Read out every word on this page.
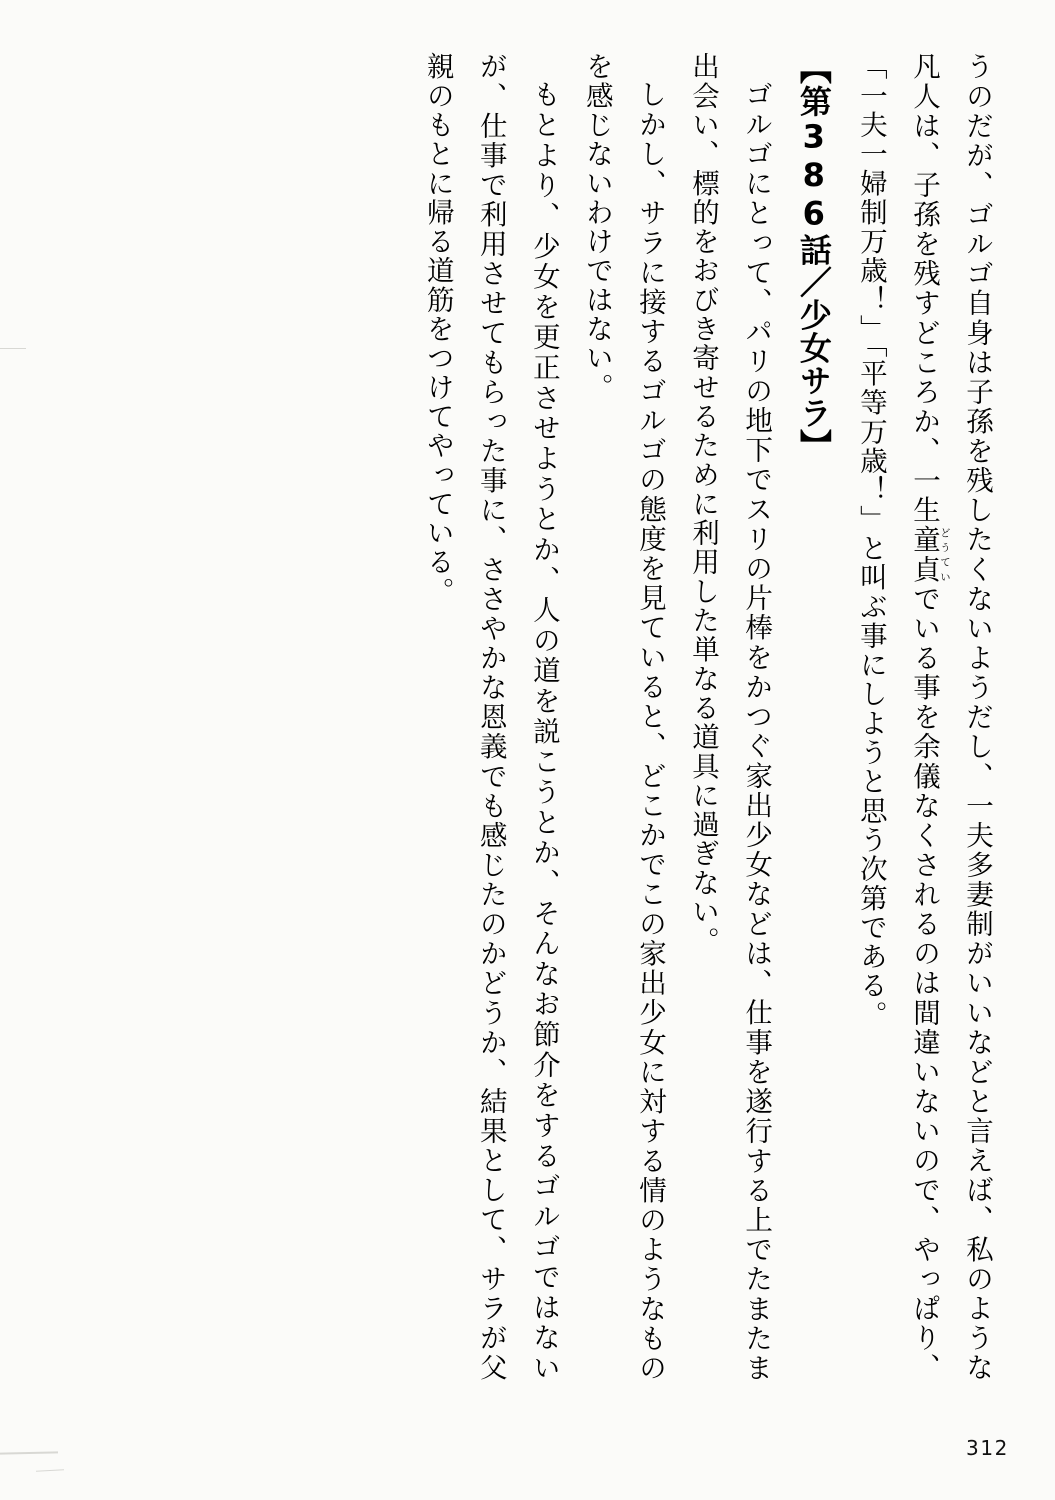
うのだが、ゴルゴ自身は子孫を残したくないようだし、一夫多妻制がいいなどと言えば、私のような凡人は、子孫を残すどころか、一生童貞どうていでいる事を余儀なくされるのは間違いないので、やっぱり、「一夫一婦制万歳！」「平等万歳！」と叫ぶ事にしようと思う次第である。

【第386話／少女サラ】

ゴルゴにとって、パリの地下でスリの片棒をかつぐ家出少女などは、仕事を遂行する上でたまたま出会い、標的をおびき寄せるために利用した単なる道具に過ぎない。

しかし、サラに接するゴルゴの態度を見ていると、どこかでこの家出少女に対する情のようなものを感じないわけではない。

もとより、少女を更正させようとか、人の道を説こうとか、そんなお節介をするゴルゴではないが、仕事で利用させてもらった事に、ささやかな恩義でも感じたのかどうか、結果として、サラが父親のもとに帰る道筋をつけてやっている。

312
